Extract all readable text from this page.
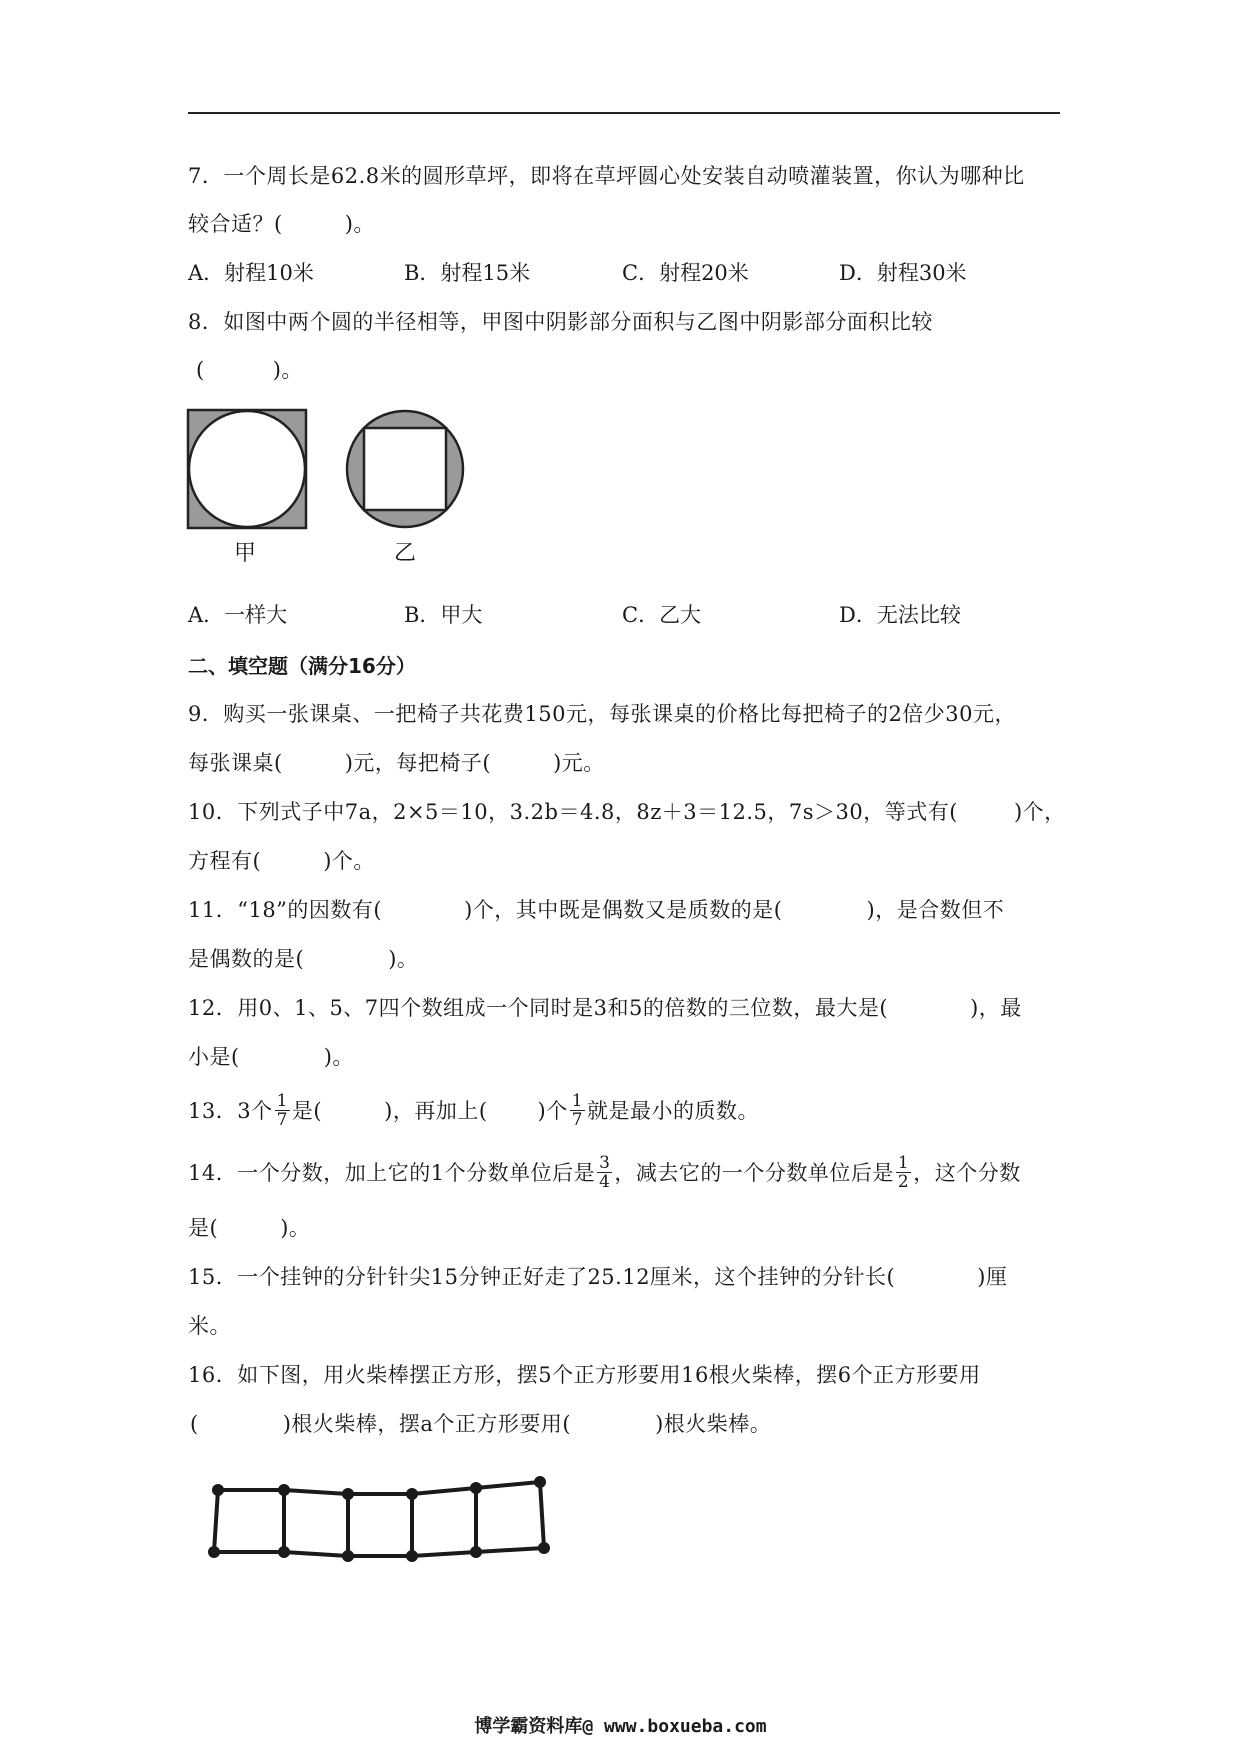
7．一个周长是62.8米的圆形草坪，即将在草坪圆心处安装自动喷灌装置，你认为哪种比
较合适？(	)。
A．射程10米	B．射程15米	C．射程20米	D．射程30米
8．如图中两个圆的半径相等，甲图中阴影部分面积与乙图中阴影部分面积比较
(	)。
甲	乙
A．一样大	B．甲大	C．乙大	D．无法比较
二、填空题（满分16分）
9．购买一张课桌、一把椅子共花费150元，每张课桌的价格比每把椅子的2倍少30元，
每张课桌(	)元，每把椅子(	)元。
10．下列式子中7a，2×5＝10，3.2b＝4.8，8z＋3＝12.5，7s＞30，等式有(	)个，
方程有(	)个。
11．“18”的因数有(	)个，其中既是偶数又是质数的是(	)，是合数但不
是偶数的是(	)。
12．用0、1、5、7四个数组成一个同时是3和5的倍数的三位数，最大是(	)，最
小是(	)。
13．3个 $\frac{1}{7}$ 是(	)，再加上( )个 $\frac{1}{7}$ 就是最小的质数。
14．一个分数，加上它的1个分数单位后是 $\frac{3}{4}$ ，减去它的一个分数单位后是 $\frac{1}{2}$ ，这个分数
是(	)。
15．一个挂钟的分针针尖15分钟正好走了25.12厘米，这个挂钟的分针长(	)厘
米。
16．如下图，用火柴棒摆正方形，摆5个正方形要用16根火柴棒，摆6个正方形要用
(	)根火柴棒，摆a个正方形要用(	)根火柴棒。
博学霸资料库@ www.boxueba.com
